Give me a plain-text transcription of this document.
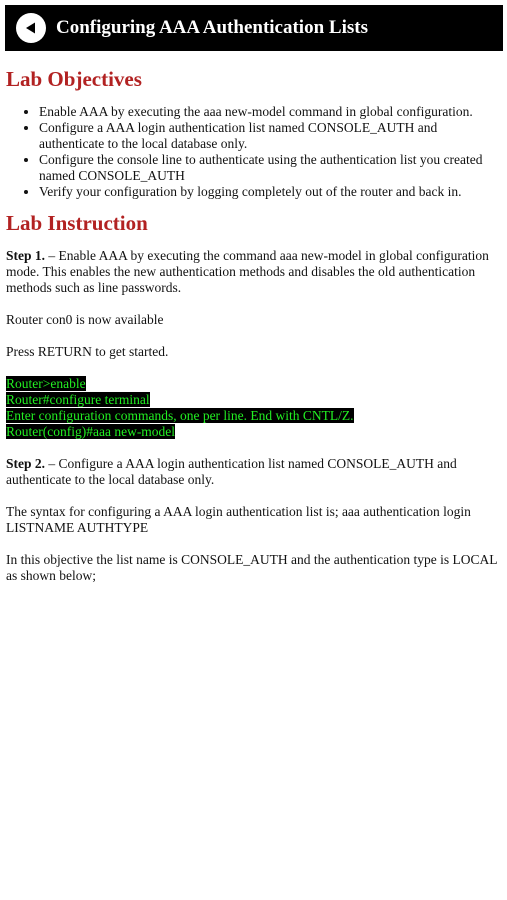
Configuring AAA Authentication Lists
Lab Objectives
• Enable AAA by executing the aaa new-model command in global configuration.
• Configure a AAA login authentication list named CONSOLE_AUTH and authenticate to the local database only.
• Configure the console line to authenticate using the authentication list you created named CONSOLE_AUTH
• Verify your configuration by logging completely out of the router and back in.
Lab Instruction

Step 1. – Enable AAA by executing the command aaa new-model in global configuration mode. This enables the new authentication methods and disables the old authentication methods such as line passwords.

Router con0 is now available

Press RETURN to get started.

Router>enable
Router#configure terminal
Enter configuration commands, one per line. End with CNTL/Z.
Router(config)#aaa new-model

Step 2. – Configure a AAA login authentication list named CONSOLE_AUTH and authenticate to the local database only.

The syntax for configuring a AAA login authentication list is; aaa authentication login LISTNAME AUTHTYPE

In this objective the list name is CONSOLE_AUTH and the authentication type is LOCAL as shown below;
